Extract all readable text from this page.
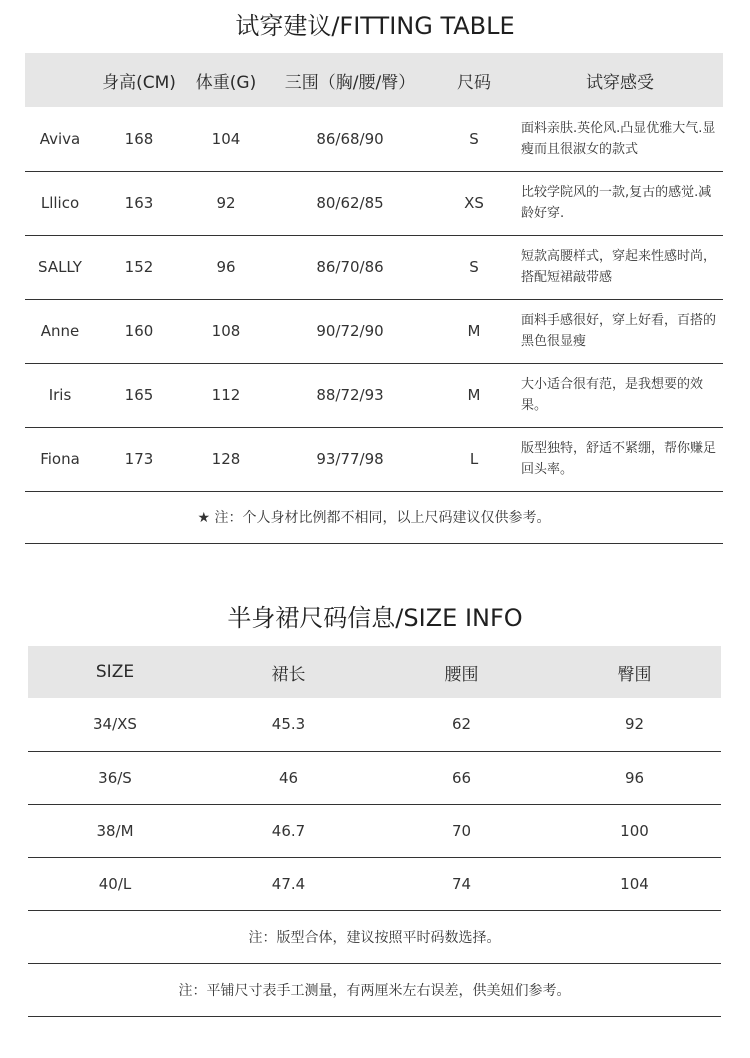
试穿建议/FITTING TABLE
	身高(CM)	体重(G)	三围（胸/腰/臀）	尺码	试穿感受
Aviva	168	104	86/68/90	S	面料亲肤.英伦风.凸显优雅大气.显瘦而且很淑女的款式
Lllico	163	92	80/62/85	XS	比较学院风的一款,复古的感觉.减龄好穿.
SALLY	152	96	86/70/86	S	短款高腰样式，穿起来性感时尚，搭配短裙敲带感
Anne	160	108	90/72/90	M	面料手感很好，穿上好看，百搭的黑色很显瘦
Iris	165	112	88/72/93	M	大小适合很有范，是我想要的效果。
Fiona	173	128	93/77/98	L	版型独特，舒适不紧绷，帮你赚足回头率。
★ 注：个人身材比例都不相同，以上尺码建议仅供参考。					
半身裙尺码信息/SIZE INFO
SIZE	裙长	腰围	臀围
34/XS	45.3	62	92
36/S	46	66	96
38/M	46.7	70	100
40/L	47.4	74	104
注：版型合体，建议按照平时码数选择。			
注：平铺尺寸表手工测量，有两厘米左右误差，供美妞们参考。			
